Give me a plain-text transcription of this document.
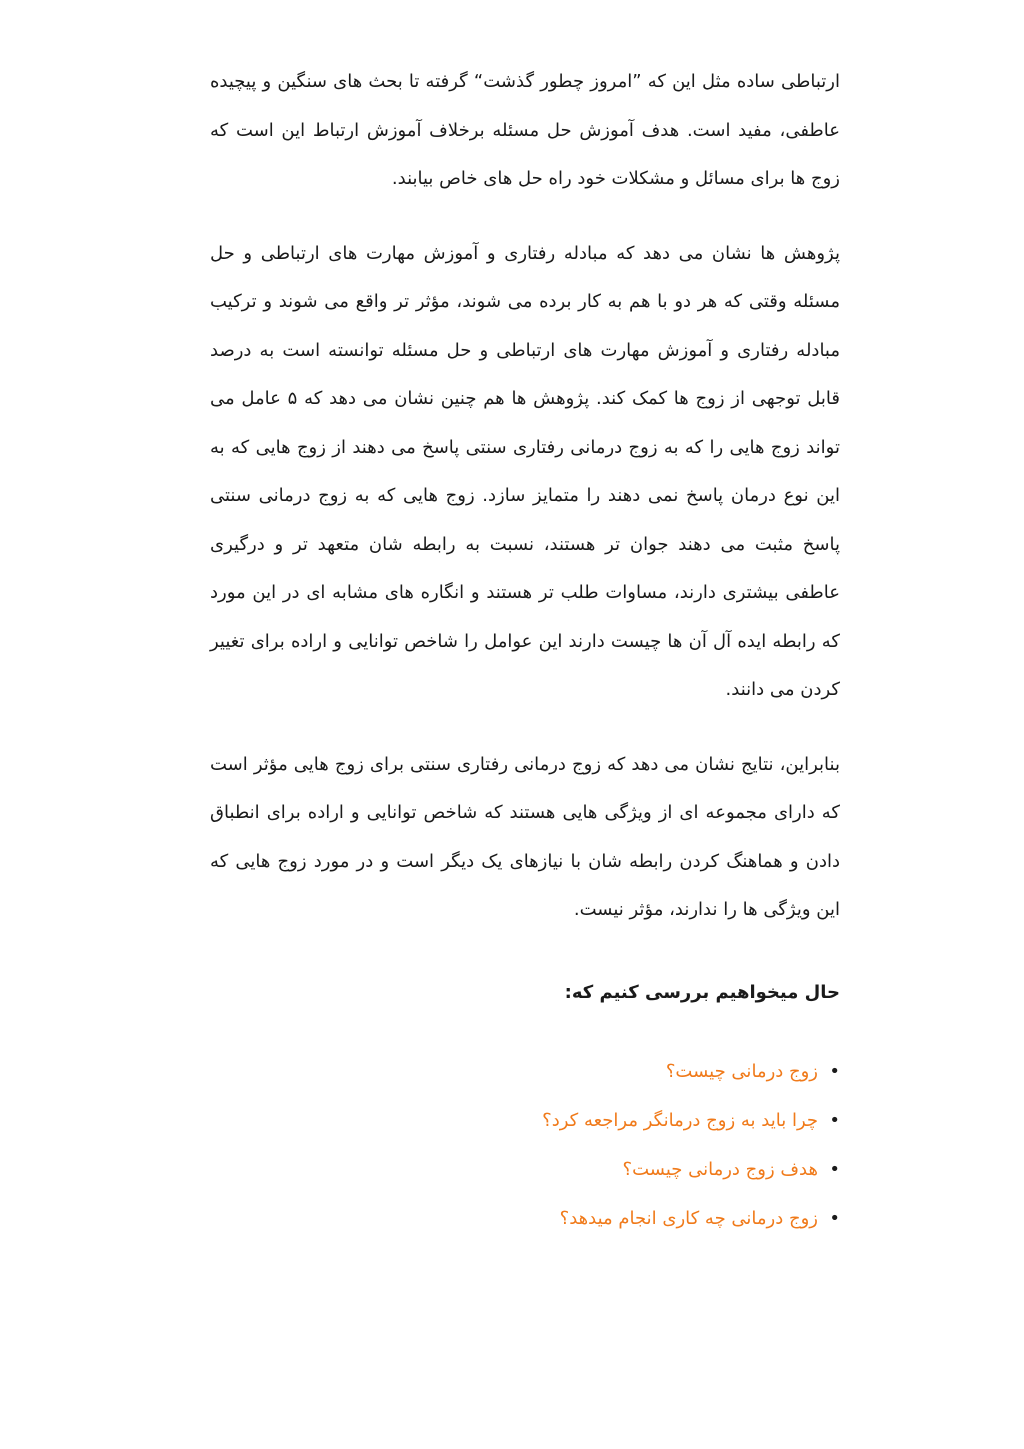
ارتباطی ساده مثل این که ”امروز چطور گذشت“ گرفته تا بحث های سنگین و پیچیده عاطفی، مفید است. هدف آموزش حل مسئله برخلاف آموزش ارتباط این است که زوج ها برای مسائل و مشکلات خود راه حل های خاص بیابند.

پژوهش ها نشان می دهد که مبادله رفتاری و آموزش مهارت های ارتباطی و حل مسئله وقتی که هر دو با هم به کار برده می شوند، مؤثر تر واقع می شوند و ترکیب مبادله رفتاری و آموزش مهارت های ارتباطی و حل مسئله توانسته است به درصد قابل توجهی از زوج ها کمک کند. پژوهش ها هم چنین نشان می دهد که ۵ عامل می تواند زوج هایی را که به زوج درمانی رفتاری سنتی پاسخ می دهند از زوج هایی که به این نوع درمان پاسخ نمی دهند را متمایز سازد. زوج هایی که به زوج درمانی سنتی پاسخ مثبت می دهند جوان تر هستند، نسبت به رابطه شان متعهد تر و درگیری عاطفی بیشتری دارند، مساوات طلب تر هستند و انگاره های مشابه ای در این مورد که رابطه ایده آل آن ها چیست دارند این عوامل را شاخص توانایی و اراده برای تغییر کردن می دانند.

بنابراین، نتایج نشان می دهد که زوج درمانی رفتاری سنتی برای زوج هایی مؤثر است که دارای مجموعه ای از ویژگی هایی هستند که شاخص توانایی و اراده برای انطباق دادن و هماهنگ کردن رابطه شان با نیازهای یک دیگر است و در مورد زوج هایی که این ویژگی ها را ندارند، مؤثر نیست.

حال میخواهیم بررسی کنیم که:
•
زوج درمانی چیست؟
•
چرا باید به زوج درمانگر مراجعه کرد؟
•
هدف زوج درمانی چیست؟
•
زوج درمانی چه کاری انجام میدهد؟
